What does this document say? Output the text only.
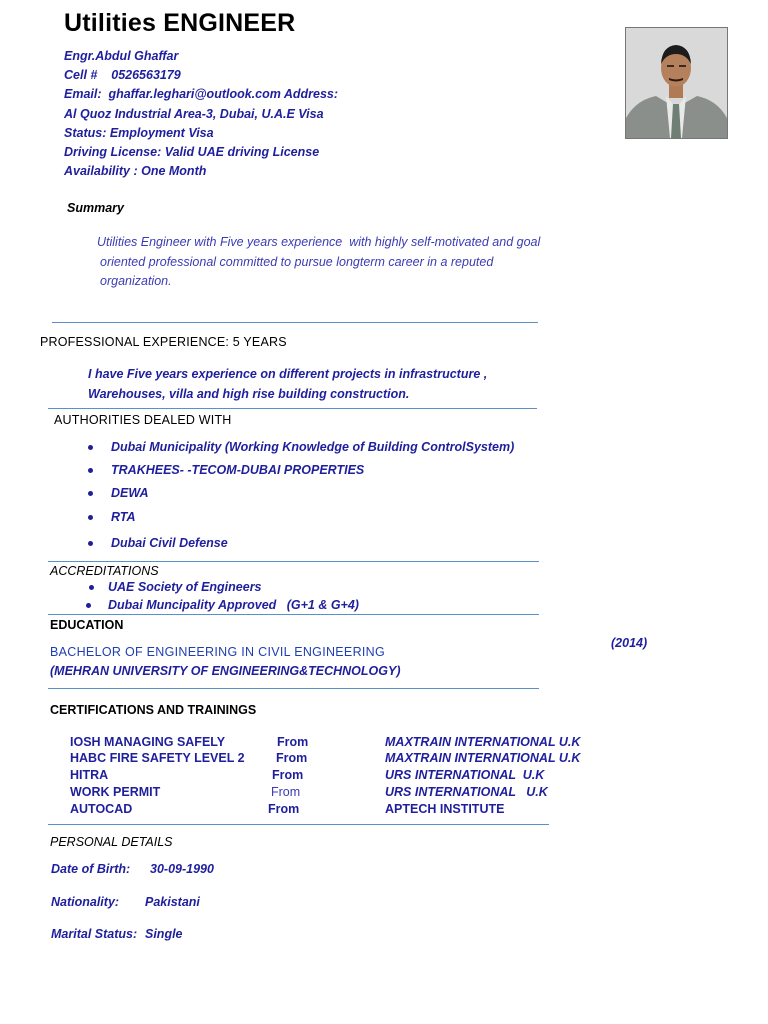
Utilities ENGINEER
Engr.Abdul Ghaffar
Cell #    0526563179
Email:  ghaffar.leghari@outlook.com Address:
Al Quoz Industrial Area-3, Dubai, U.A.E Visa
Status: Employment Visa
Driving License: Valid UAE driving License
Availability : One Month
Summary
Utilities Engineer with Five years experience  with highly self-motivated and goal
oriented professional committed to pursue longterm career in a reputed
organization.
PROFESSIONAL EXPERIENCE: 5 YEARS
I have Five years experience on different projects in infrastructure ,
Warehouses, villa and high rise building construction.
AUTHORITIES DEALED WITH
Dubai Municipality (Working Knowledge of Building ControlSystem)
TRAKHEES- -TECOM-DUBAI PROPERTIES
DEWA
RTA
Dubai Civil Defense
ACCREDITATIONS
UAE Society of Engineers
Dubai Muncipality Approved   (G+1 & G+4)
EDUCATION
BACHELOR OF ENGINEERING IN CIVIL ENGINEERING
(2014)
(MEHRAN UNIVERSITY OF ENGINEERING&TECHNOLOGY)
CERTIFICATIONS AND TRAININGS
IOSH MANAGING SAFELY	From	MAXTRAIN INTERNATIONAL U.K
HABC FIRE SAFETY LEVEL 2	From	MAXTRAIN INTERNATIONAL U.K
HITRA	From	URS INTERNATIONAL  U.K
WORK PERMIT	From	URS INTERNATIONAL   U.K
AUTOCAD	From	APTECH INSTITUTE
PERSONAL DETAILS
Date of Birth: 30-09-1990
Nationality: Pakistani
Marital Status: Single
